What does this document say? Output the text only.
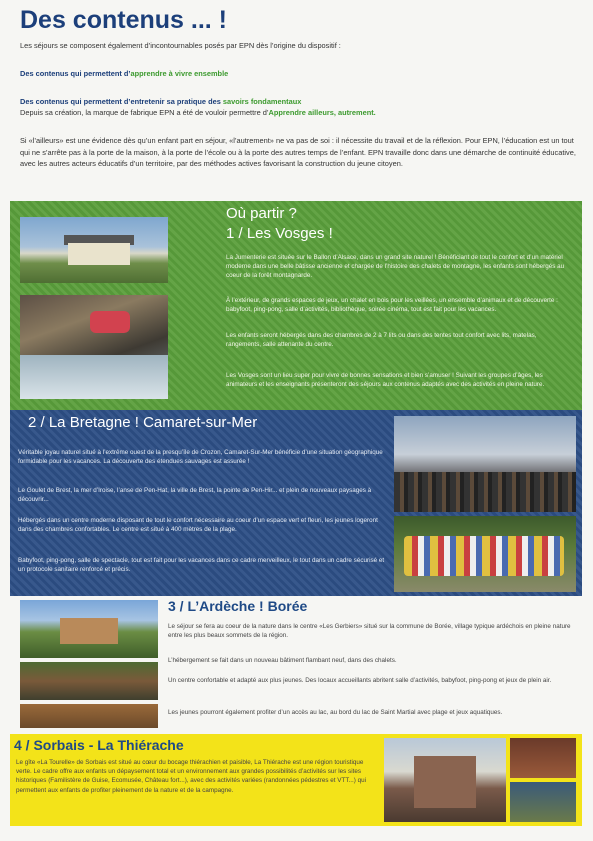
Des contenus ... !
Les séjours se composent également d’incontournables posés par EPN dès l’origine du dispositif :
Des contenus qui permettent d’apprendre à vivre ensemble
Des contenus qui permettent d’entretenir sa pratique des savoirs fondamentaux
Depuis sa création, la marque de fabrique EPN a été de vouloir permettre d’Apprendre ailleurs, autrement.
Si «l’ailleurs» est une évidence dès qu’un enfant part en séjour, «l’autrement» ne va pas de soi : il nécessite du travail et de la réflexion. Pour EPN, l’éducation est un tout qui ne s’arrête pas à la porte de la maison, à la porte de l’école ou à la porte des autres temps de l’enfant. EPN travaille donc dans une démarche de continuité éducative, avec les autres acteurs éducatifs d’un territoire, par des méthodes actives favorisant la construction du jeune citoyen.
Où partir ?
1 / Les Vosges !
La Jumenterie est située sur le Ballon d’Alsace, dans un grand site naturel ! Bénéficiant de tout le confort et d’un matériel moderne dans une belle bâtisse ancienne et chargée de l’histoire des chalets de montagne, les enfants sont hébergés au coeur de la forêt montagnarde.
À l’extérieur, de grands espaces de jeux, un chalet en bois pour les veillées, un ensemble d’animaux et de découverte : babyfoot, ping-pong, salle d’activités, bibliothèque, soirée cinéma, tout est fait pour les vacances.
Les enfants seront hébergés dans des chambres de 2 à 7 lits ou dans des tentes tout confort avec lits, matelas, rangements, salle attenante du centre.
Les Vosges sont un lieu super pour vivre de bonnes sensations et bien s’amuser ! Suivant les groupes d’âges, les animateurs et les enseignants présenteront des séjours aux contenus adaptés avec des activités en pleine nature.
2 / La Bretagne ! Camaret-sur-Mer
Véritable joyau naturel situé à l’extrême ouest de la presqu’île de Crozon, Camaret-Sur-Mer bénéficie d’une situation géographique formidable pour les vacances. La découverte des étendues sauvages est assurée !
Le Goulet de Brest, la mer d’Iroise, l’anse de Pen-Hat, la ville de Brest, la pointe de Pen-Hir... et plein de nouveaux paysages à découvrir...
Hébergés dans un centre moderne disposant de tout le confort nécessaire au coeur d’un espace vert et fleuri, les jeunes logeront dans des chambres confortables. Le centre est situé à 400 mètres de la plage.
Babyfoot, ping-pong, salle de spectacle, tout est fait pour les vacances dans ce cadre merveilleux, le tout dans un cadre sécurisé et un protocole sanitaire renforcé et précis.
3 / L’Ardèche ! Borée
Le séjour se fera au coeur de la nature dans le centre «Les Gerbiers» situé sur la commune de Borée, village typique ardéchois en pleine nature entre les plus beaux sommets de la région.
L’hébergement se fait dans un nouveau bâtiment flambant neuf, dans des chalets.
Un centre confortable et adapté aux plus jeunes. Des locaux accueillants abritent salle d’activités, babyfoot, ping-pong et jeux de plein air.
Les jeunes pourront également profiter d’un accès au lac, au bord du lac de Saint Martial avec plage et jeux aquatiques.
4 / Sorbais - La Thiérache
Le gîte «La Tourelle» de Sorbais est situé au cœur du bocage thiérachien et paisible, La Thiérache est une région touristique verte. Le cadre offre aux enfants un dépaysement total et un environnement aux grandes possibilités d’activités sur les sites historiques (Familistère de Guise, Ecomusée, Château fort...), avec des activités variées (randonnées pédestres et VTT...) qui permettent aux enfants de profiter pleinement de la nature et de la campagne.
